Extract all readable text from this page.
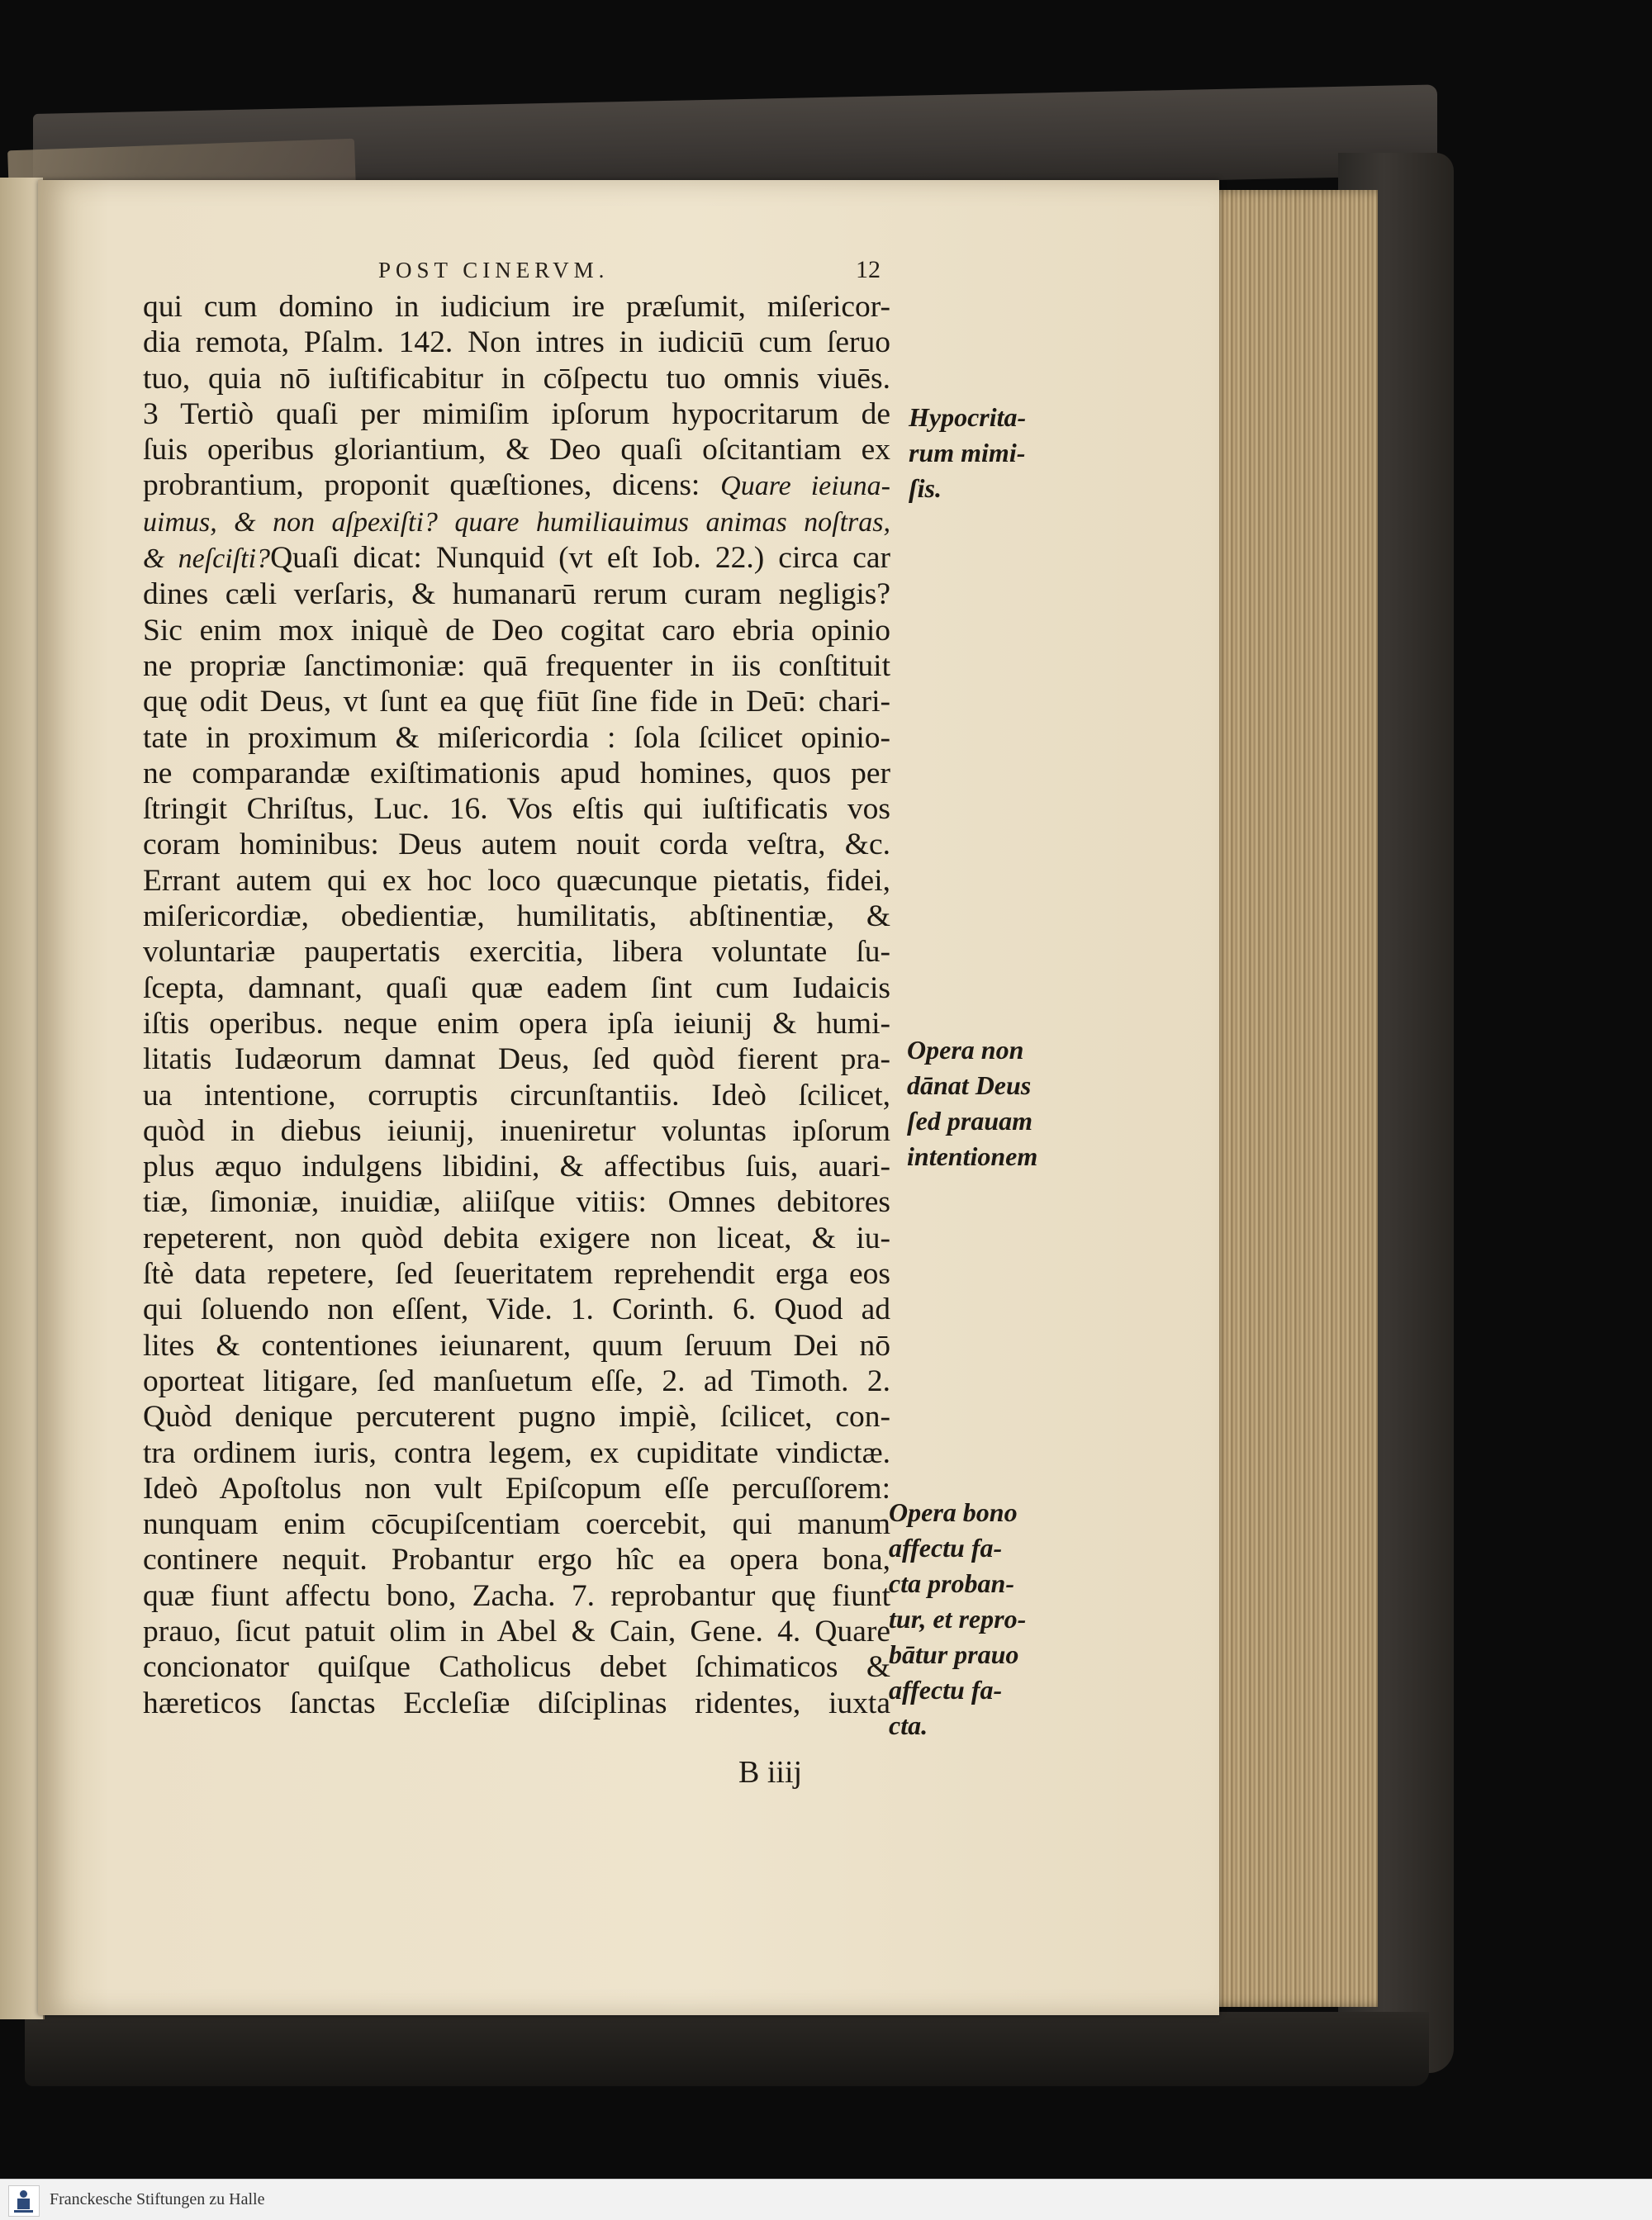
POST CINERVM.	12
qui cum domino in iudicium ire præſumit, miſericor-
dia remota, Pſalm. 142. Non intres in iudiciū cum ſeruo
tuo, quia nō iuſtificabitur in cōſpectu tuo omnis viuēs.
3 Tertiò quaſi per mimiſim ipſorum hypocritarum de
ſuis operibus gloriantium, & Deo quaſi oſcitantiam ex
probrantium, proponit quæſtiones, dicens: Quare ieiuna-
uimus, & non aſpexiſti? quare humiliauimus animas noſtras,
& neſciſti?Quaſi dicat: Nunquid (vt eſt Iob. 22.) circa car
dines cæli verſaris, & humanarū rerum curam negligis?
Sic enim mox iniquè de Deo cogitat caro ebria opinio
ne propriæ ſanctimoniæ: quā frequenter in iis conſtituit
quę odit Deus, vt ſunt ea quę fiūt ſine fide in Deū: chari-
tate in proximum & miſericordia : ſola ſcilicet opinio-
ne comparandæ exiſtimationis apud homines, quos per
ſtringit Chriſtus, Luc. 16. Vos eſtis qui iuſtificatis vos
coram hominibus: Deus autem nouit corda veſtra, &c.
Errant autem qui ex hoc loco quæcunque pietatis, fidei,
miſericordiæ, obedientiæ, humilitatis, abſtinentiæ, &
voluntariæ paupertatis exercitia, libera voluntate ſu-
ſcepta, damnant, quaſi quæ eadem ſint cum Iudaicis
iſtis operibus. neque enim opera ipſa ieiunij & humi-
litatis Iudæorum damnat Deus, ſed quòd fierent pra-
ua intentione, corruptis circunſtantiis. Ideò ſcilicet,
quòd in diebus ieiunij, inueniretur voluntas ipſorum
plus æquo indulgens libidini, & affectibus ſuis, auari-
tiæ, ſimoniæ, inuidiæ, aliiſque vitiis: Omnes debitores
repeterent, non quòd debita exigere non liceat, & iu-
ſtè data repetere, ſed ſeueritatem reprehendit erga eos
qui ſoluendo non eſſent, Vide. 1. Corinth. 6. Quod ad
lites & contentiones ieiunarent, quum ſeruum Dei nō
oporteat litigare, ſed manſuetum eſſe, 2. ad Timoth. 2.
Quòd denique percuterent pugno impiè, ſcilicet, con-
tra ordinem iuris, contra legem, ex cupiditate vindictæ.
Ideò Apoſtolus non vult Epiſcopum eſſe percuſſorem:
nunquam enim cōcupiſcentiam coercebit, qui manum
continere nequit. Probantur ergo hîc ea opera bona,
quæ fiunt affectu bono, Zacha. 7. reprobantur quę fiunt
prauo, ſicut patuit olim in Abel & Cain, Gene. 4. Quare
concionator quiſque Catholicus debet ſchimaticos &
hæreticos ſanctas Eccleſiæ diſciplinas ridentes, iuxta
Hypocrita-
rum mimi-
ſis.
Opera non
dānat Deus
ſed prauam
intentionem
Opera bono
affectu fa-
cta proban-
tur, et repro-
bātur prauo
affectu fa-
cta.
B iiij
Franckesche Stiftungen zu Halle
